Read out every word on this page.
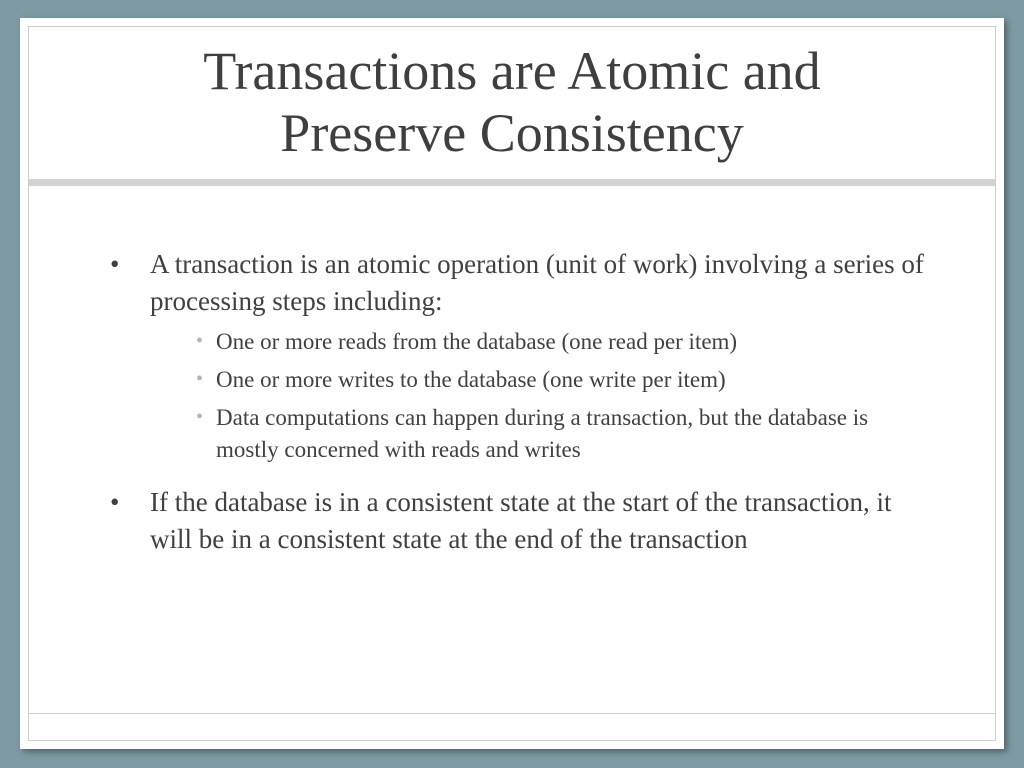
Transactions are Atomic and
Preserve Consistency
• A transaction is an atomic operation (unit of work) involving a series of processing steps including:
• One or more reads from the database (one read per item)
• One or more writes to the database (one write per item)
• Data computations can happen during a transaction, but the database is mostly concerned with reads and writes
• If the database is in a consistent state at the start of the transaction, it will be in a consistent state at the end of the transaction
